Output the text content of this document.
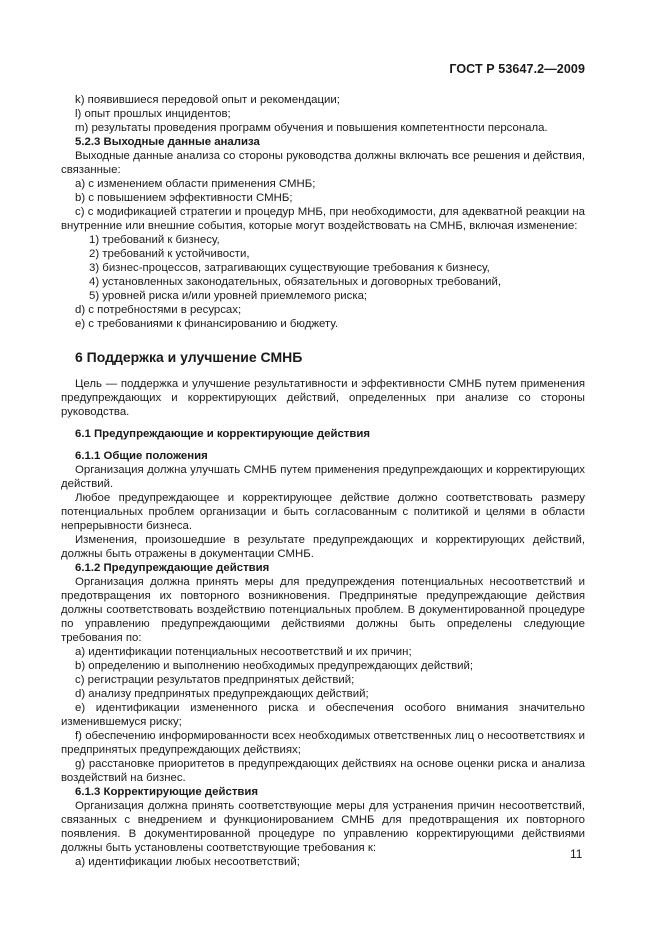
ГОСТ Р 53647.2—2009

k) появившиеся передовой опыт и рекомендации;

l) опыт прошлых инцидентов;

m) результаты проведения программ обучения и повышения компетентности персонала.

5.2.3 Выходные данные анализа

Выходные данные анализа со стороны руководства должны включать все решения и действия, связанные:

a) с изменением области применения СМНБ;

b) с повышением эффективности СМНБ;

c) с модификацией стратегии и процедур МНБ, при необходимости, для адекватной реакции на внутренние или внешние события, которые могут воздействовать на СМНБ, включая изменение:

1) требований к бизнесу,

2) требований к устойчивости,

3) бизнес-процессов, затрагивающих существующие требования к бизнесу,

4) установленных законодательных, обязательных и договорных требований,

5) уровней риска и/или уровней приемлемого риска;

d) с потребностями в ресурсах;

e) с требованиями к финансированию и бюджету.

6 Поддержка и улучшение СМНБ

Цель — поддержка и улучшение результативности и эффективности СМНБ путем применения предупреждающих и корректирующих действий, определенных при анализе со стороны руководства.

6.1 Предупреждающие и корректирующие действия

6.1.1 Общие положения

Организация должна улучшать СМНБ путем применения предупреждающих и корректирующих действий.

Любое предупреждающее и корректирующее действие должно соответствовать размеру потенциальных проблем организации и быть согласованным с политикой и целями в области непрерывности бизнеса.

Изменения, произошедшие в результате предупреждающих и корректирующих действий, должны быть отражены в документации СМНБ.

6.1.2 Предупреждающие действия

Организация должна принять меры для предупреждения потенциальных несоответствий и предотвращения их повторного возникновения. Предпринятые предупреждающие действия должны соответствовать воздействию потенциальных проблем. В документированной процедуре по управлению предупреждающими действиями должны быть определены следующие требования по:

a) идентификации потенциальных несоответствий и их причин;

b) определению и выполнению необходимых предупреждающих действий;

c) регистрации результатов предпринятых действий;

d) анализу предпринятых предупреждающих действий;

e) идентификации измененного риска и обеспечения особого внимания значительно изменившемуся риску;

f) обеспечению информированности всех необходимых ответственных лиц о несоответствиях и предпринятых предупреждающих действиях;

g) расстановке приоритетов в предупреждающих действиях на основе оценки риска и анализа воздействий на бизнес.

6.1.3 Корректирующие действия

Организация должна принять соответствующие меры для устранения причин несоответствий, связанных с внедрением и функционированием СМНБ для предотвращения их повторного появления. В документированной процедуре по управлению корректирующими действиями должны быть установлены соответствующие требования к:

a) идентификации любых несоответствий;

11
